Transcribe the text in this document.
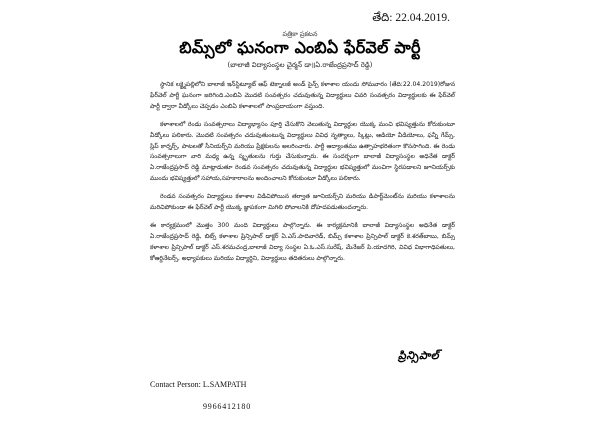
తేది: 22.04.2019.
పత్రికా ప్రకటన
బిమ్స్‌లో ఘనంగా ఎంబిఏ ఫేర్‌వెల్ పార్టీ
(బాలాజీ విద్యాసంస్థల చైర్మన్ డా॥ఏ.రాజేంద్రప్రసాద్ రెడ్డి)

స్థానిక లక్ష్మైపల్లిలోని బాలాజీ ఇన్‌స్టిట్యూట్ ఆఫ్ టెక్నాలజీ అండ్ సైన్స్ కళాశాల యందు సోమవారం (తేది:22.04.2019)రోజున ఫేర్‌వెల్ పార్టీ ఘనంగా జరిగింది.ఎంబిఏ మొదటి సంవత్సరం చదువుతున్న విద్యార్థులు చివరి సంవత్సరం విద్యార్థులకు ఈ ఫేర్‌వెల్ పార్టీ ద్వారా వీడ్కోలు చెప్పడం ఎంబిఏ కళాశాలలో సాంప్రదాయంగా వస్తుంది.

కళాశాలలో రెండు సంవత్సరాలు విద్యాభ్యాసం పూర్తి చేసుకొని వెలుతున్న విద్యార్థుల యొక్క మంచి భవిష్యత్తును కోరుకుంటూ వీడ్కోలు పలికారు. మొదటి సంవత్సరం చదువుతుంటున్న విద్యార్థులు వివిధ నృత్యాలు, స్కిట్లు, ఆడియో వీడియోలు, ఫన్నీ గేమ్స్, స్లిప్ కార్నర్స్, పాటలతో సీనియర్స్‌ని మరియు ప్రేక్షకులను అలరించారు. పార్టీ ఆద్యాంతము ఉత్సాహభరితంగా కొనసాగింది. ఈ రెండు సంవత్సరాలుగా వారి మధ్య ఉన్న స్మృతులను గుర్తు చేసుకున్నారు. ఈ సందర్భంగా బాలాజీ విద్యాసంస్థల అధినేత డాక్టర్ ఏ.రాజేంద్రప్రసాద్ రెడ్డి మాట్లాడుతూ రెండవ సంవత్సరం చదువుతున్న విద్యార్థుల భవిష్యత్తులో మంచిగా స్థిరపడాలని జూనియర్స్‌కు ముందు భవిష్యత్తులో సహాయ,సహకారాలను అందించాలని కోరుకుంటూ వీడ్కోలు పలికారు.

రెండవ సంవత్సరం విద్యార్థులు కళాశాల విడిచిపోయిన తర్వాత జూనియర్స్‌ని మరియు డిపార్ట్‌మెంట్‌ను మరియు కళాశాలను మరిచిపోకుండా ఈ ఫేర్‌వెల్ పార్టీ యొక్క జ్ఞాపకంగా మిగిలి పోవాలనికి దోహదపడుతుందన్నారు.

ఈ కార్యక్రమంలో మొత్తం 300 మంది విద్యార్థులు పాల్గొన్నారు. ఈ కార్యక్రమానికి బాలాజీ విద్యాసంస్థల అధినేత డాక్టర్ ఏ.రాజేంద్రప్రసాద్ రెడ్డి, బిట్స్ కళాశాల ప్రిన్సిపాల్ డాక్టర్ ఏ.ఎస్.పాదివారెడ్, బిమ్స్ కళాశాల ప్రిన్సిపాల్ డాక్టర్ కె.శరత్‌బాబు, బిమ్స్ కళాశాల ప్రిన్సిపాల్ డాక్టర్ ఎస్.శరమచంద్ర,బాలాజీ విద్యా సంస్థల ఏ.ఓ.ఎస్.సురేష్, మేనేజర్ పి.యాదగిరి, వివిధ విభాగాధిపతులు, కోఆర్డినేటర్స్, అధ్యాపకులు మరియు విద్యార్థిని, విద్యార్థులు తదితరులు పాల్గొన్నారు.

ప్రిన్సిపాల్
Contact Person: L.SAMPATH
9966412180
